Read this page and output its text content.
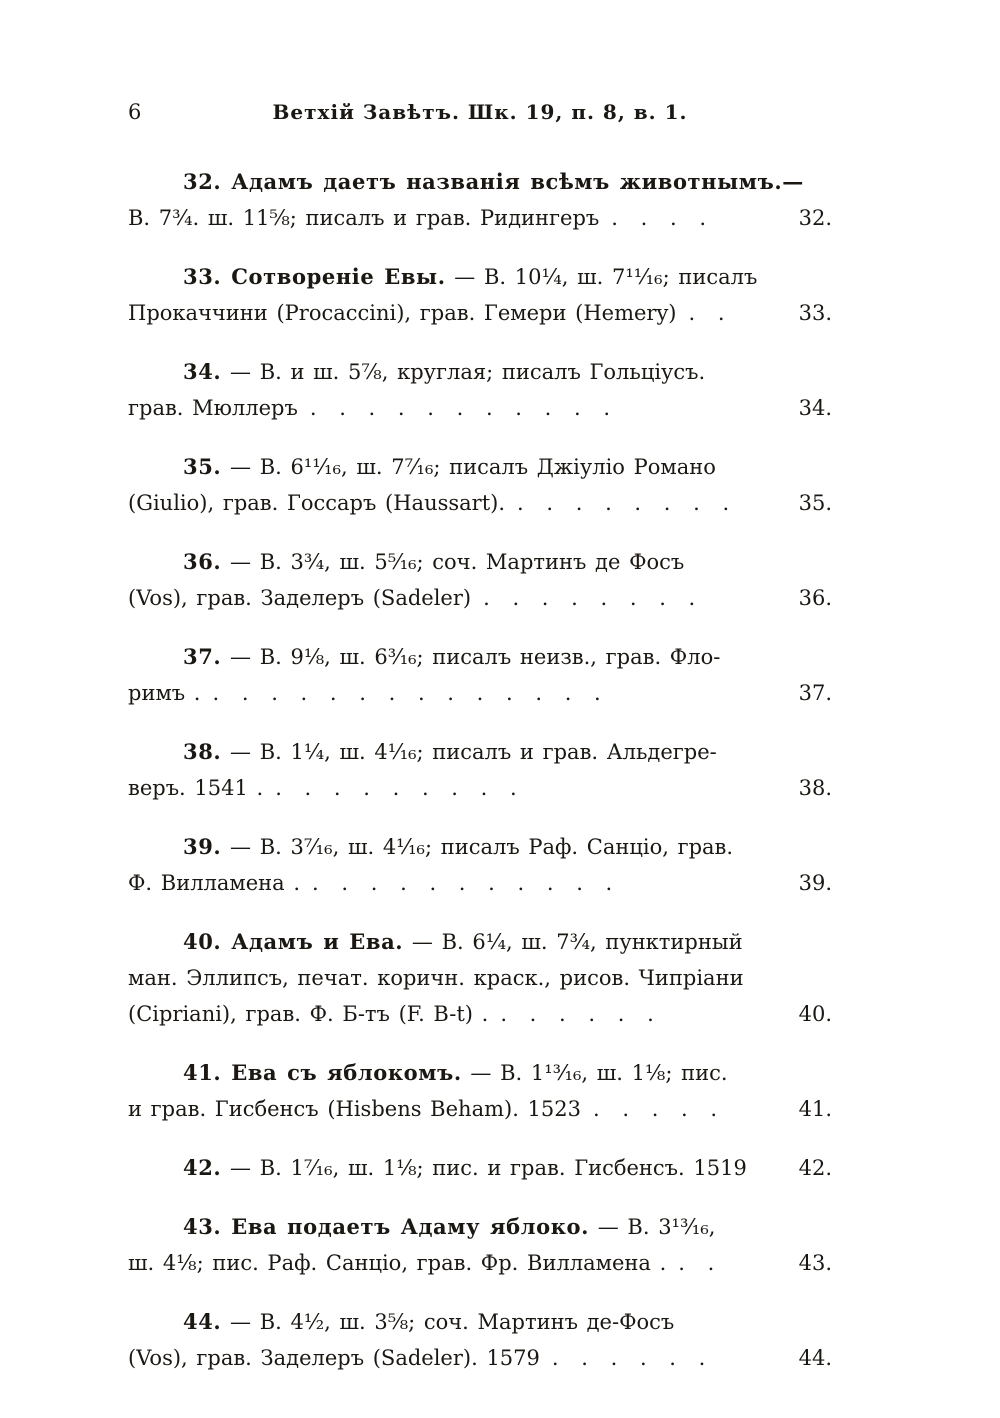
6	Ветхій Завѣтъ. Шк. 19, п. 8, в. 1.
32. Адамъ даетъ названія всѣмъ животнымъ.—
В. 7³⁄₄. ш. 11⁵⁄₈; писалъ и грав. Ридингеръ . . . .	32.
33. Сотвореніе Евы. — В. 10¹⁄₄, ш. 7¹¹⁄₁₆; писалъ
Прокаччини (Procaccini), грав. Гемери (Hemery) . .	33.
34. — В. и ш. 5⁷⁄₈, круглая; писалъ Гольціусъ.
грав. Мюллеръ . . . . . . . . . . .	34.
35. — В. 6¹¹⁄₁₆, ш. 7⁷⁄₁₆; писалъ Джіуліо Романо
(Giulio), грав. Госсаръ (Haussart). . . . . . . . .	35.
36. — В. 3³⁄₄, ш. 5⁵⁄₁₆; соч. Мартинъ де Фосъ
(Vos), грав. Заделеръ (Sadeler) . . . . . . . .	36.
37. — В. 9¹⁄₈, ш. 6³⁄₁₆; писалъ неизв., грав. Фло-
римъ . . . . . . . . . . . . . . .	37.
38. — В. 1¹⁄₄, ш. 4¹⁄₁₆; писалъ и грав. Альдегре-
веръ. 1541 . . . . . . . . . .	38.
39. — В. 3⁷⁄₁₆, ш. 4¹⁄₁₆; писалъ Раф. Санціо, грав.
Ф. Вилламена . . . . . . . . . . . .	39.
40. Адамъ и Ева. — В. 6¹⁄₄, ш. 7³⁄₄, пунктирный
ман. Эллипсъ, печат. коричн. краск., рисов. Чипріани
(Cipriani), грав. Ф. Б-тъ (F. B-t) . . . . . . .	40.
41. Ева съ яблокомъ. — В. 1¹³⁄₁₆, ш. 1¹⁄₈; пис.
и грав. Гисбенсъ (Hisbens Beham). 1523 . . . . .	41.
42. — В. 1⁷⁄₁₆, ш. 1¹⁄₈; пис. и грав. Гисбенсъ. 1519 42.
43. Ева подаетъ Адаму яблоко. — В. 3¹³⁄₁₆,
ш. 4¹⁄₈; пис. Раф. Санціо, грав. Фр. Вилламена . . .	43.
44. — В. 4¹⁄₂, ш. 3⁵⁄₈; соч. Мартинъ де-Фосъ
(Vos), грав. Заделеръ (Sadeler). 1579 . . . . . .	44.
